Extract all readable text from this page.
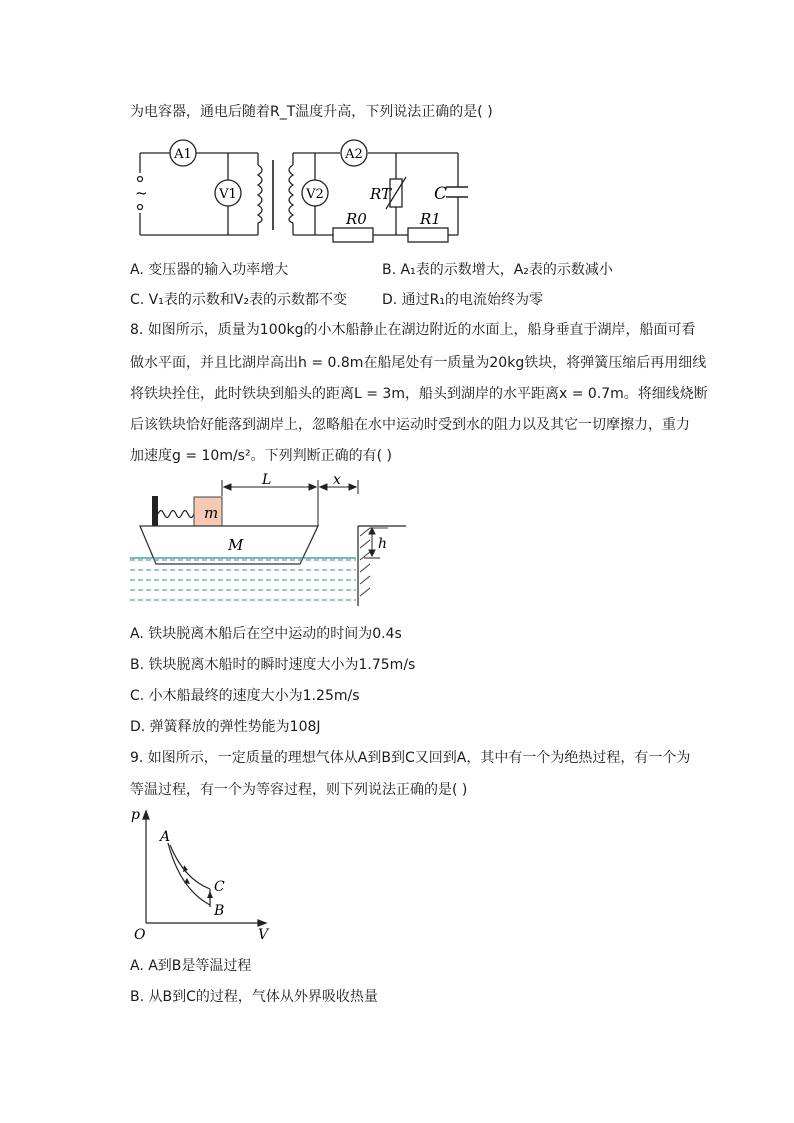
为电容器，通电后随着R_T温度升高，下列说法正确的是( )
A1
V1	V2
A2
RT	C
R0	R1
~
A. 变压器的输入功率增大	B. A₁表的示数增大，A₂表的示数减小
C. V₁表的示数和V₂表的示数都不变 D. 通过R₁的电流始终为零
8. 如图所示，质量为100kg的小木船静止在湖边附近的水面上，船身垂直于湖岸，船面可看
做水平面，并且比湖岸高出h = 0.8m在船尾处有一质量为20kg铁块，将弹簧压缩后再用细线
将铁块拴住，此时铁块到船头的距离L = 3m，船头到湖岸的水平距离x = 0.7m。将细线烧断
后该铁块恰好能落到湖岸上，忽略船在水中运动时受到水的阻力以及其它一切摩擦力，重力
加速度g = 10m/s²。下列判断正确的有( )
m
M
L	x
h
A. 铁块脱离木船后在空中运动的时间为0.4s
B. 铁块脱离木船时的瞬时速度大小为1.75m/s
C. 小木船最终的速度大小为1.25m/s
D. 弹簧释放的弹性势能为108J
9. 如图所示，一定质量的理想气体从A到B到C又回到A，其中有一个为绝热过程，有一个为
等温过程，有一个为等容过程，则下列说法正确的是( )
p
V
O
A
B
C
A. A到B是等温过程
B. 从B到C的过程，气体从外界吸收热量
